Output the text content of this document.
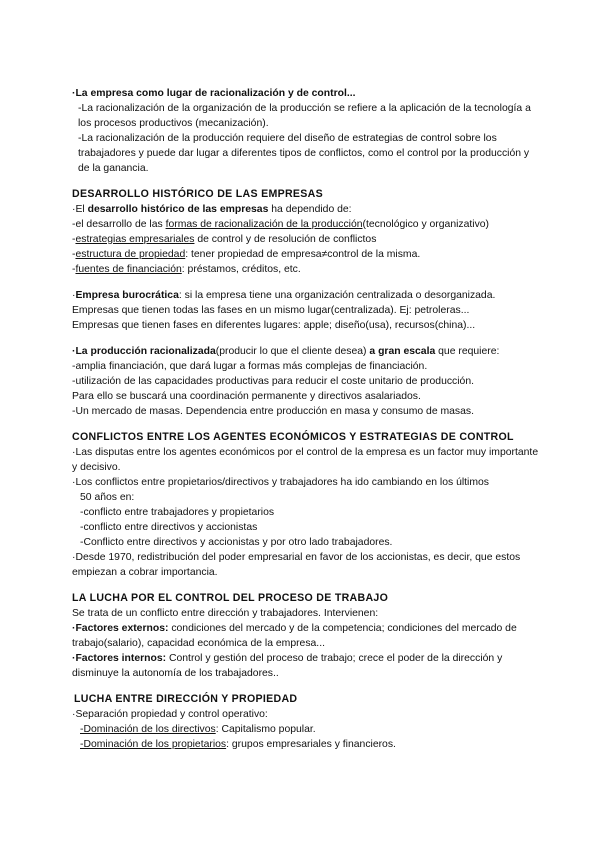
·La empresa como lugar de racionalización y de control...

-La racionalización de la organización de la producción se refiere a la aplicación de la tecnología a los procesos productivos (mecanización).

-La racionalización de la producción requiere del diseño de estrategias de control sobre los trabajadores y puede dar lugar a diferentes tipos de conflictos, como el control por la producción y de la ganancia.

DESARROLLO HISTÓRICO DE LAS EMPRESAS

·El desarrollo histórico de las empresas ha dependido de:

-el desarrollo de las formas de racionalización de la producción(tecnológico y organizativo)

-estrategias empresariales de control y de resolución de conflictos

-estructura de propiedad: tener propiedad de empresa≠control de la misma.

-fuentes de financiación: préstamos, créditos, etc.

·Empresa burocrática: si la empresa tiene una organización centralizada o desorganizada.

Empresas que tienen todas las fases en un mismo lugar(centralizada). Ej: petroleras...

Empresas que tienen fases en diferentes lugares: apple; diseño(usa), recursos(china)...

·La producción racionalizada(producir lo que el cliente desea) a gran escala que requiere:

-amplia financiación, que dará lugar a formas más complejas de financiación.

-utilización de las capacidades productivas para reducir el coste unitario de producción.

Para ello se buscará una coordinación permanente y directivos asalariados.

-Un mercado de masas. Dependencia entre producción en masa y consumo de masas.

CONFLICTOS ENTRE LOS AGENTES ECONÓMICOS Y ESTRATEGIAS DE CONTROL

·Las disputas entre los agentes económicos por el control de la empresa es un factor muy importante y decisivo.

·Los conflictos entre propietarios/directivos y trabajadores ha ido cambiando en los últimos

50 años en:

-conflicto entre trabajadores y propietarios

-conflicto entre directivos y accionistas

-Conflicto entre directivos y accionistas y por otro lado trabajadores.

·Desde 1970, redistribución del poder empresarial en favor de los accionistas, es decir, que estos empiezan a cobrar importancia.

LA LUCHA POR EL CONTROL DEL PROCESO DE TRABAJO

Se trata de un conflicto entre dirección y trabajadores. Intervienen:

·Factores externos: condiciones del mercado y de la competencia; condiciones del mercado de trabajo(salario), capacidad económica de la empresa...

·Factores internos: Control y gestión del proceso de trabajo; crece el poder de la dirección y disminuye la autonomía de los trabajadores..

LUCHA ENTRE DIRECCIÓN Y PROPIEDAD

·Separación propiedad y control operativo:

-Dominación de los directivos: Capitalismo popular.

-Dominación de los propietarios: grupos empresariales y financieros.
